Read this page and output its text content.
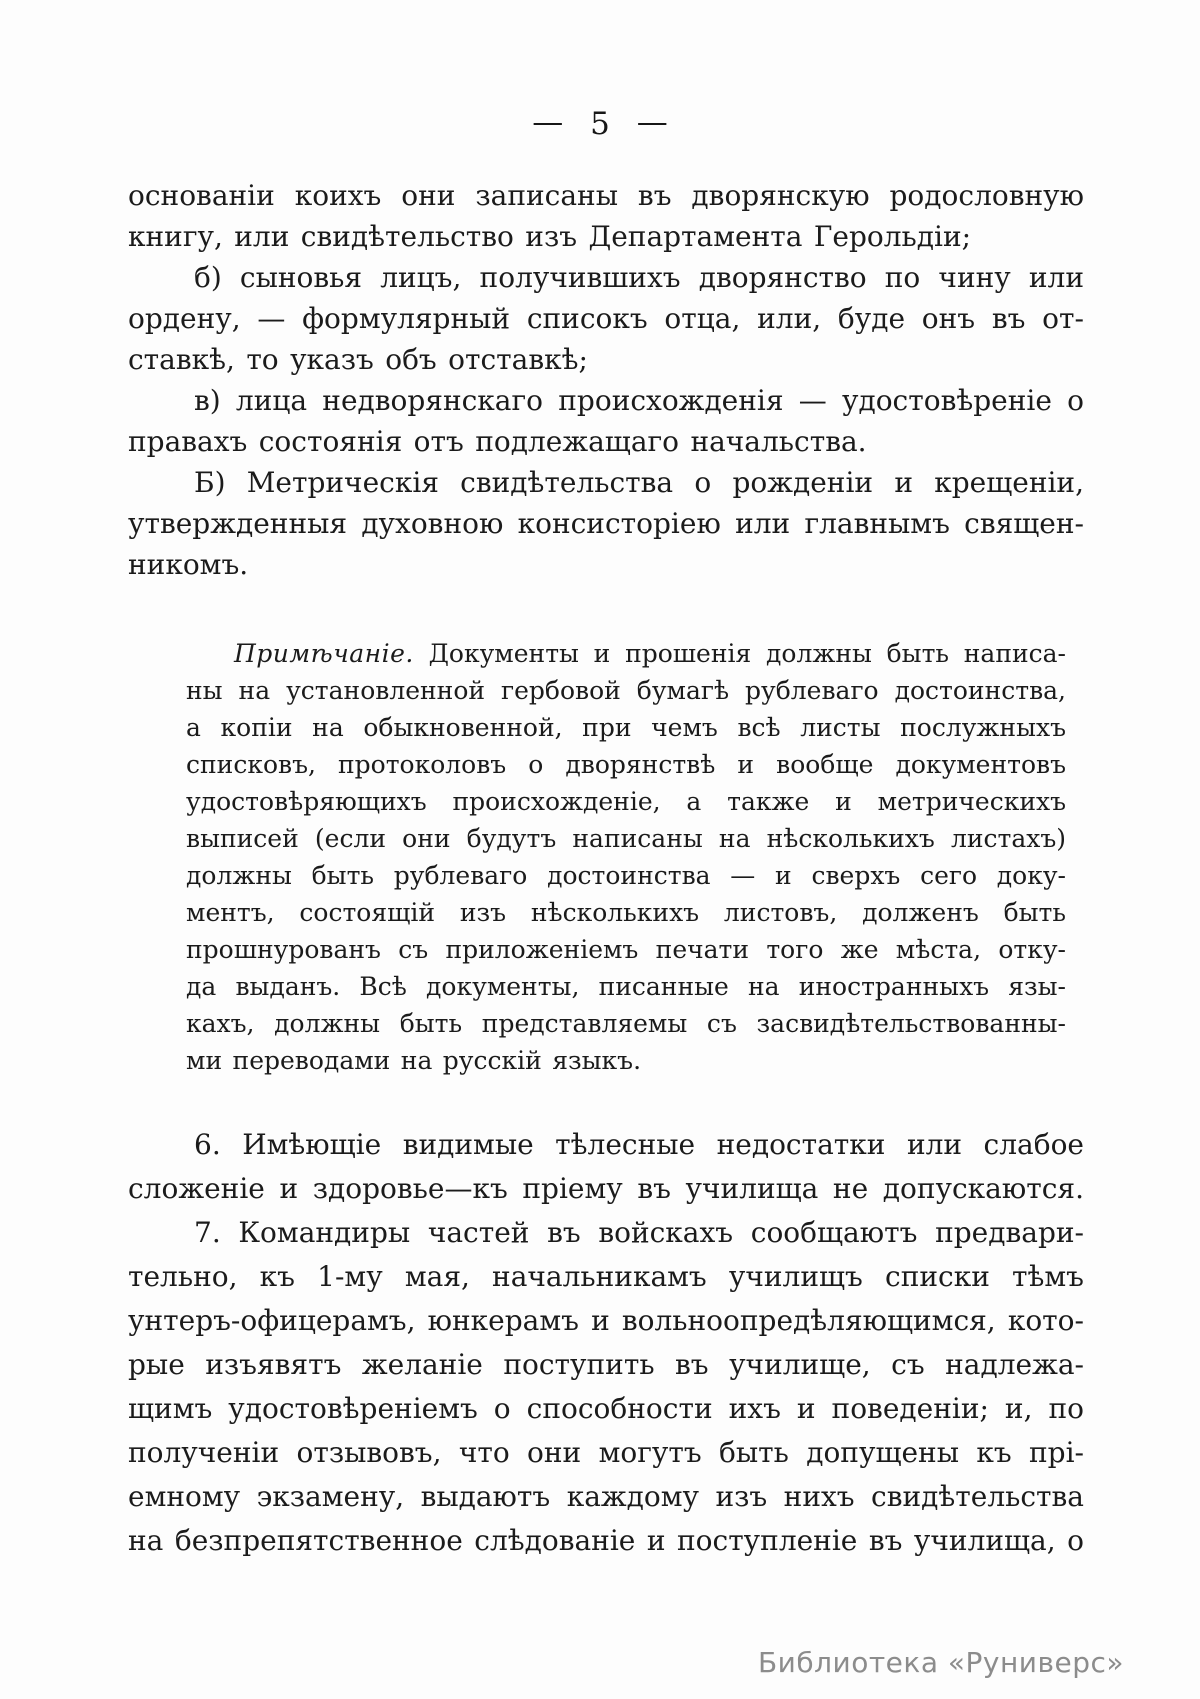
— 5 —
основаніи коихъ они записаны въ дворянскую родословную
книгу, или свидѣтельство изъ Департамента Герольдіи;
б) сыновья лицъ, получившихъ дворянство по чину или
ордену, — формулярный списокъ отца, или, буде онъ въ от-
ставкѣ, то указъ объ отставкѣ;
в) лица недворянскаго происхожденія — удостовѣреніе о
правахъ состоянія отъ подлежащаго начальства.
Б) Метрическія свидѣтельства о рожденіи и крещеніи,
утвержденныя духовною консисторіею или главнымъ священ-
никомъ.
Примѣчаніе. Документы и прошенія должны быть написа-
ны на установленной гербовой бумагѣ рублеваго достоинства,
а копіи на обыкновенной, при чемъ всѣ листы послужныхъ
списковъ, протоколовъ о дворянствѣ и вообще документовъ
удостовѣряющихъ происхожденіе, а также и метрическихъ
выписей (если они будутъ написаны на нѣсколькихъ листахъ)
должны быть рублеваго достоинства — и сверхъ сего доку-
ментъ, состоящій изъ нѣсколькихъ листовъ, долженъ быть
прошнурованъ съ приложеніемъ печати того же мѣста, отку-
да выданъ. Всѣ документы, писанные на иностранныхъ язы-
кахъ, должны быть представляемы съ засвидѣтельствованны-
ми переводами на русскій языкъ.
6. Имѣющіе видимые тѣлесные недостатки или слабое
сложеніе и здоровье—къ пріему въ училища не допускаются.
7. Командиры частей въ войскахъ сообщаютъ предвари-
тельно, къ 1-му мая, начальникамъ училищъ списки тѣмъ
унтеръ-офицерамъ, юнкерамъ и вольноопредѣляющимся, кото-
рые изъявятъ желаніе поступить въ училище, съ надлежа-
щимъ удостовѣреніемъ о способности ихъ и поведеніи; и, по
полученіи отзывовъ, что они могутъ быть допущены къ прі-
емному экзамену, выдаютъ каждому изъ нихъ свидѣтельства
на безпрепятственное слѣдованіе и поступленіе въ училища, о
Библиотека «Руниверс»
